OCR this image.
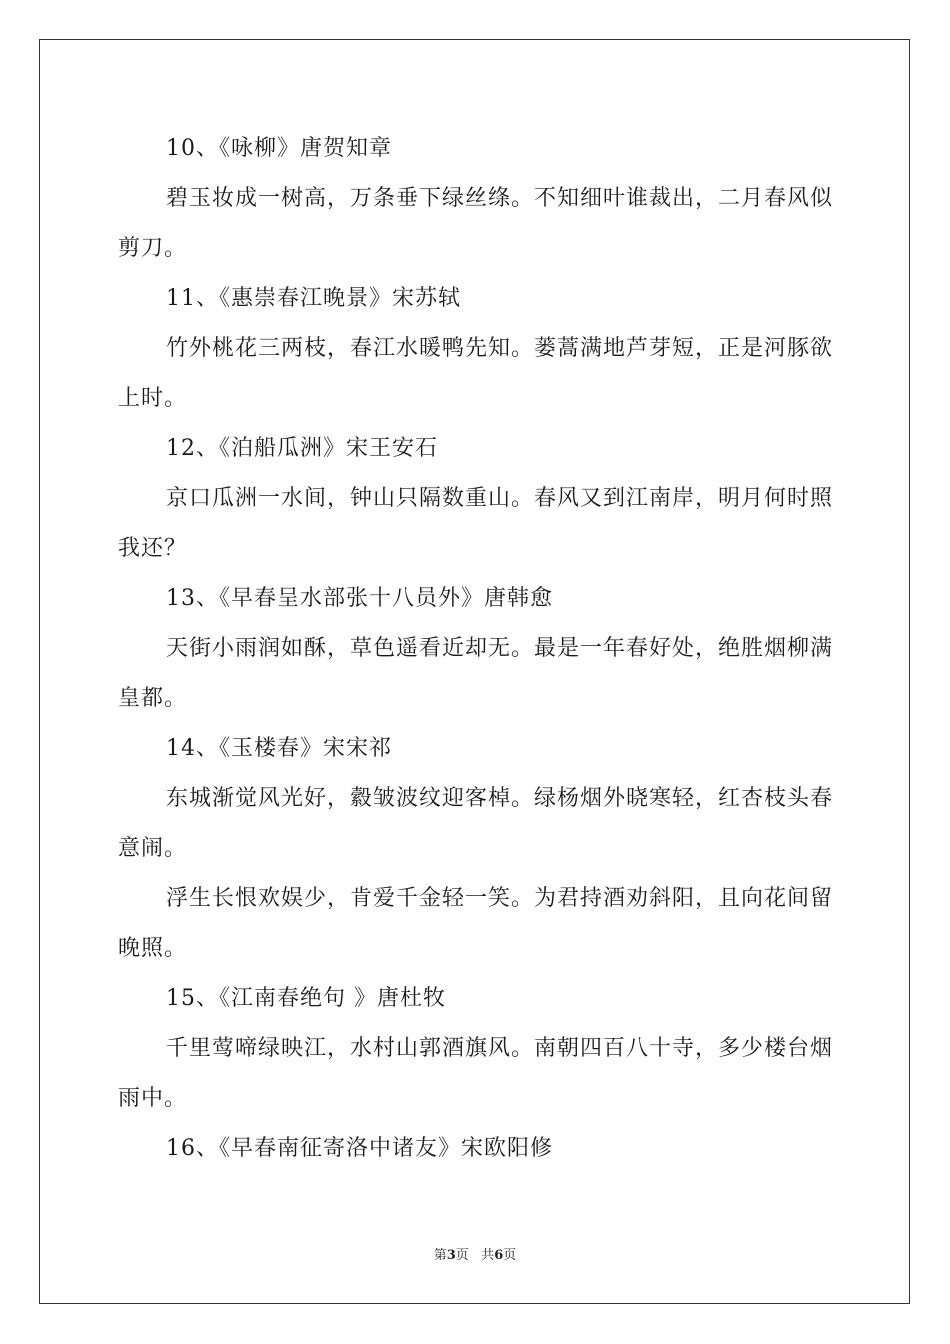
10、《咏柳》唐贺知章

碧玉妆成一树高，万条垂下绿丝绦。不知细叶谁裁出，二月春风似剪刀。

11、《惠崇春江晚景》宋苏轼

竹外桃花三两枝，春江水暖鸭先知。蒌蒿满地芦芽短，正是河豚欲上时。

12、《泊船瓜洲》宋王安石

京口瓜洲一水间，钟山只隔数重山。春风又到江南岸，明月何时照我还？

13、《早春呈水部张十八员外》唐韩愈

天街小雨润如酥，草色遥看近却无。最是一年春好处，绝胜烟柳满皇都。

14、《玉楼春》宋宋祁

东城渐觉风光好，縠皱波纹迎客棹。绿杨烟外晓寒轻，红杏枝头春意闹。

浮生长恨欢娱少，肯爱千金轻一笑。为君持酒劝斜阳，且向花间留晚照。

15、《江南春绝句 》唐杜牧

千里莺啼绿映江，水村山郭酒旗风。南朝四百八十寺，多少楼台烟雨中。

16、《早春南征寄洛中诸友》宋欧阳修

第3页 共6页
